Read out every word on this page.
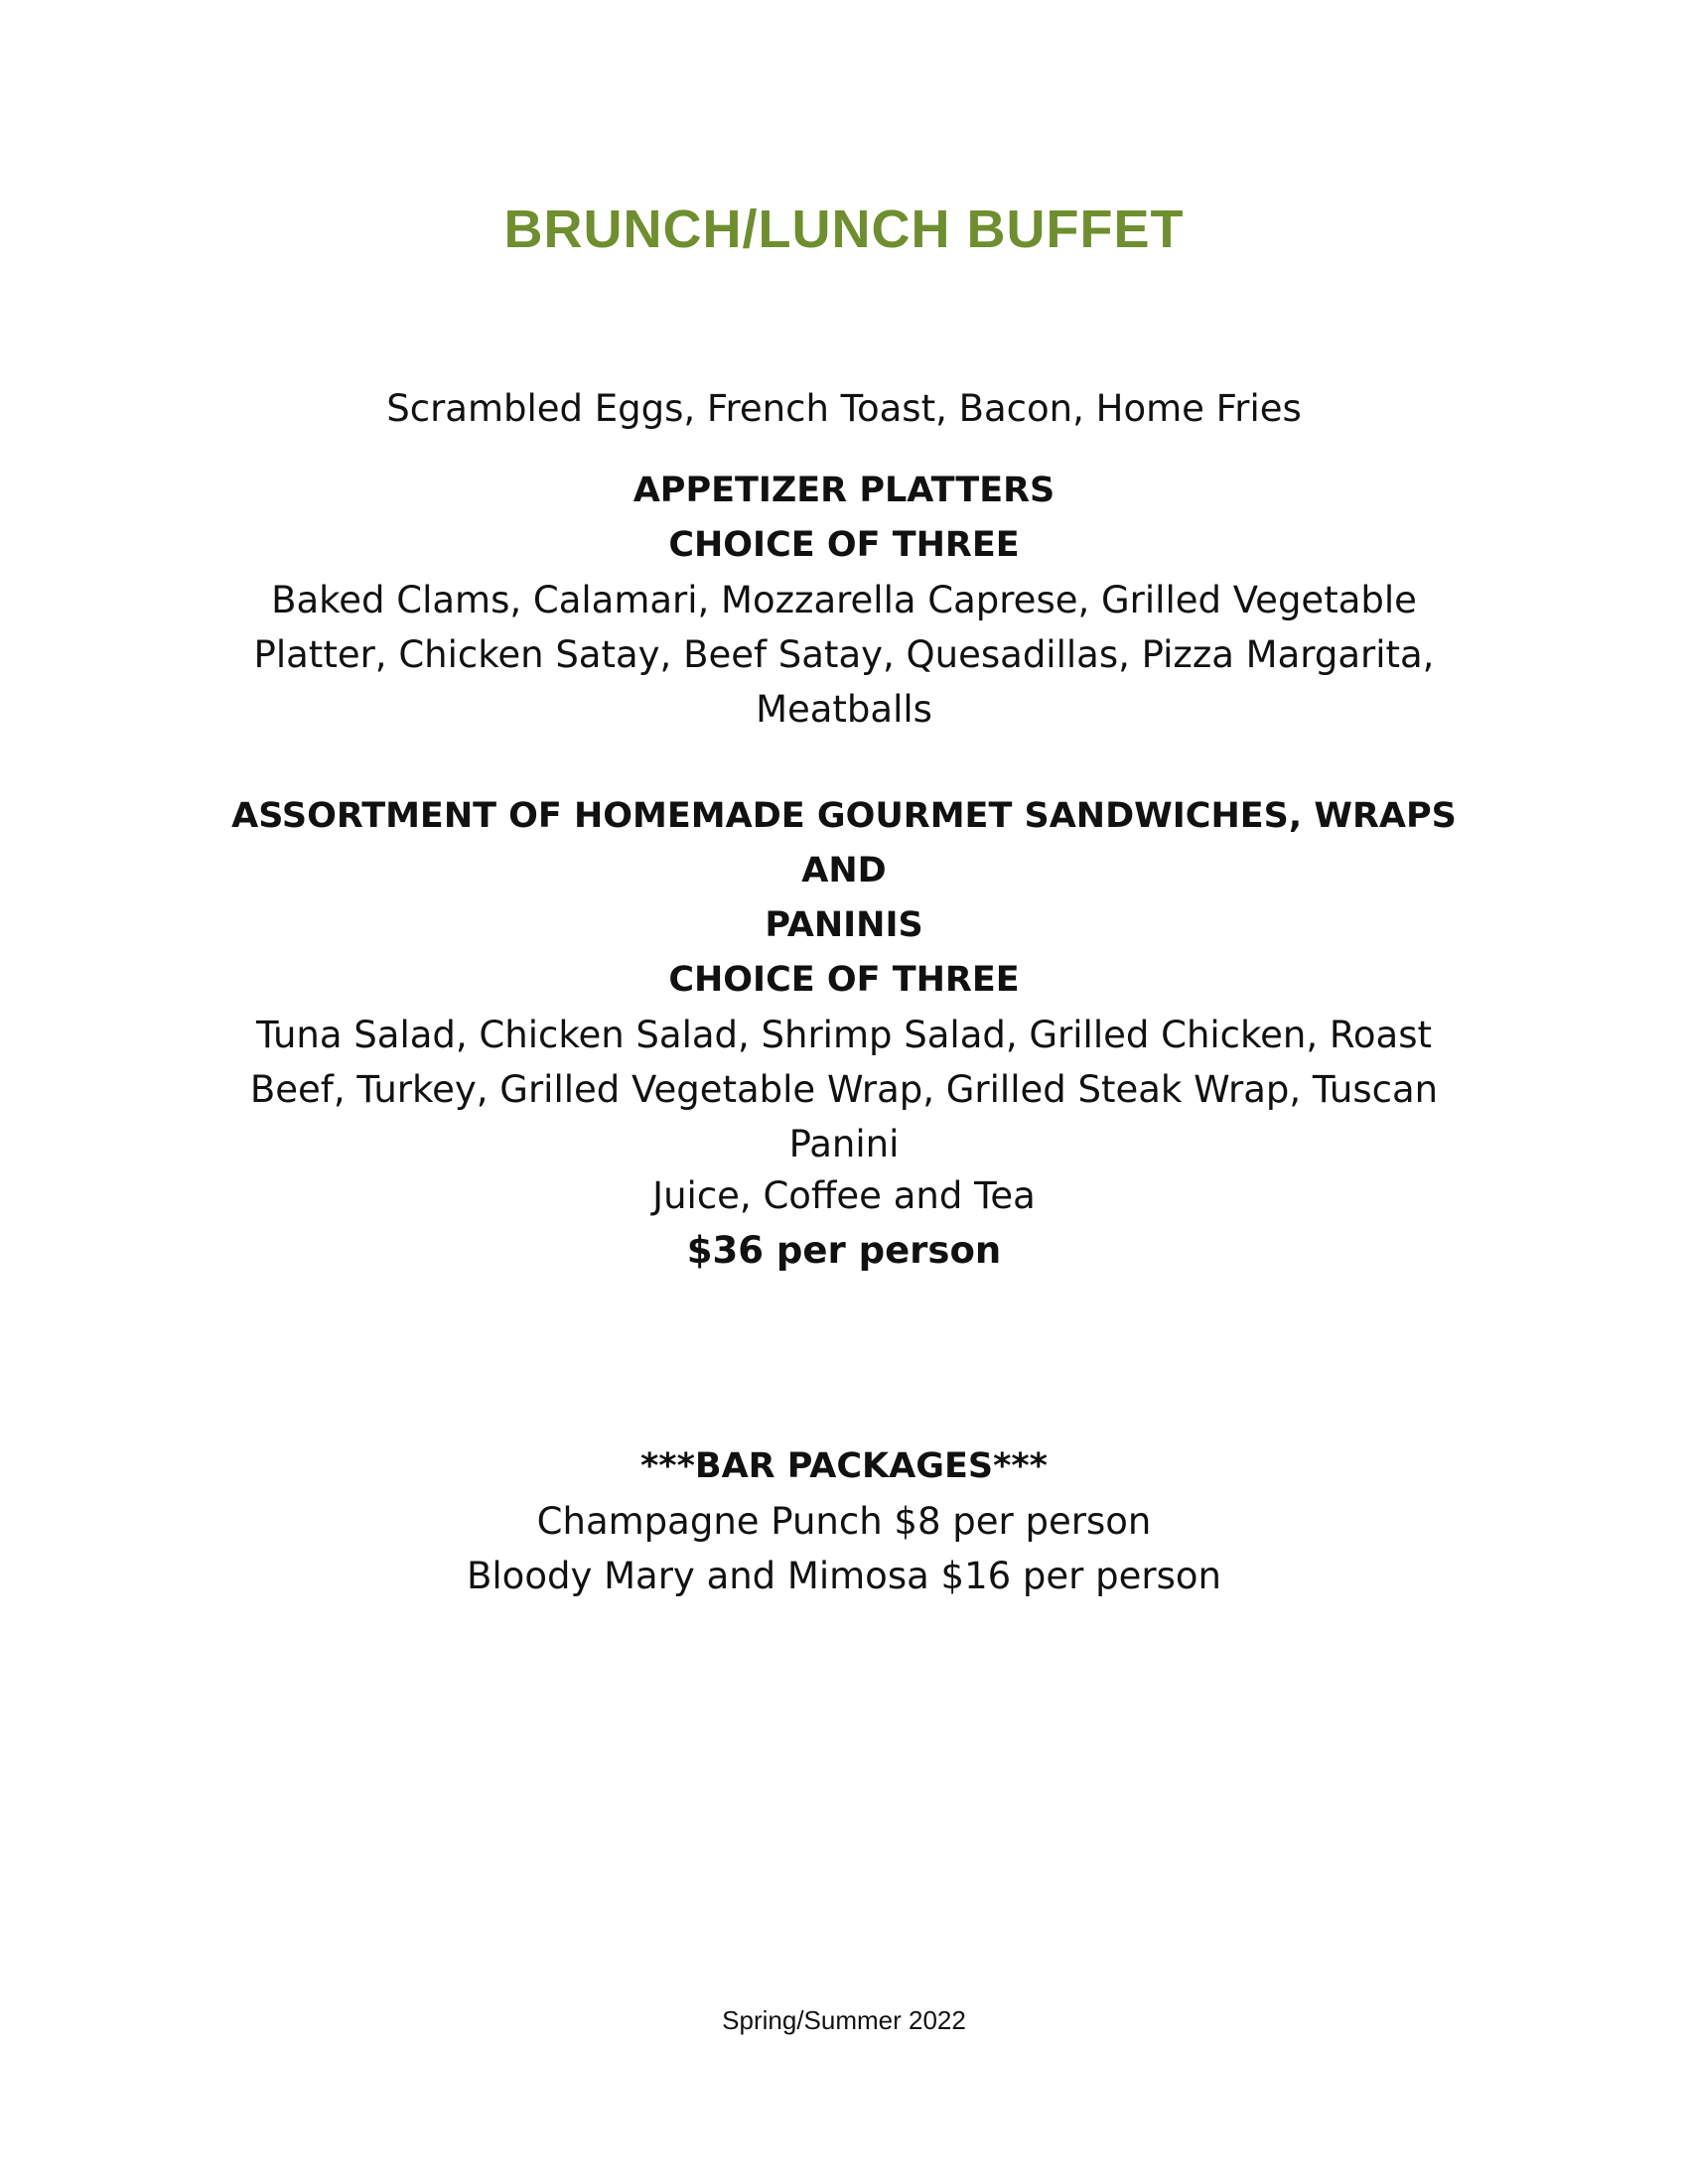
BRUNCH/LUNCH BUFFET
Scrambled Eggs, French Toast, Bacon, Home Fries
APPETIZER PLATTERS
CHOICE OF THREE
Baked Clams, Calamari, Mozzarella Caprese, Grilled Vegetable
Platter, Chicken Satay, Beef Satay, Quesadillas, Pizza Margarita,
Meatballs
ASSORTMENT OF HOMEMADE GOURMET SANDWICHES, WRAPS AND
PANINIS
CHOICE OF THREE
Tuna Salad, Chicken Salad, Shrimp Salad, Grilled Chicken, Roast
Beef, Turkey, Grilled Vegetable Wrap, Grilled Steak Wrap, Tuscan
Panini
Juice, Coffee and Tea
$36 per person
***BAR PACKAGES***
Champagne Punch $8 per person
Bloody Mary and Mimosa $16 per person
Spring/Summer 2022
